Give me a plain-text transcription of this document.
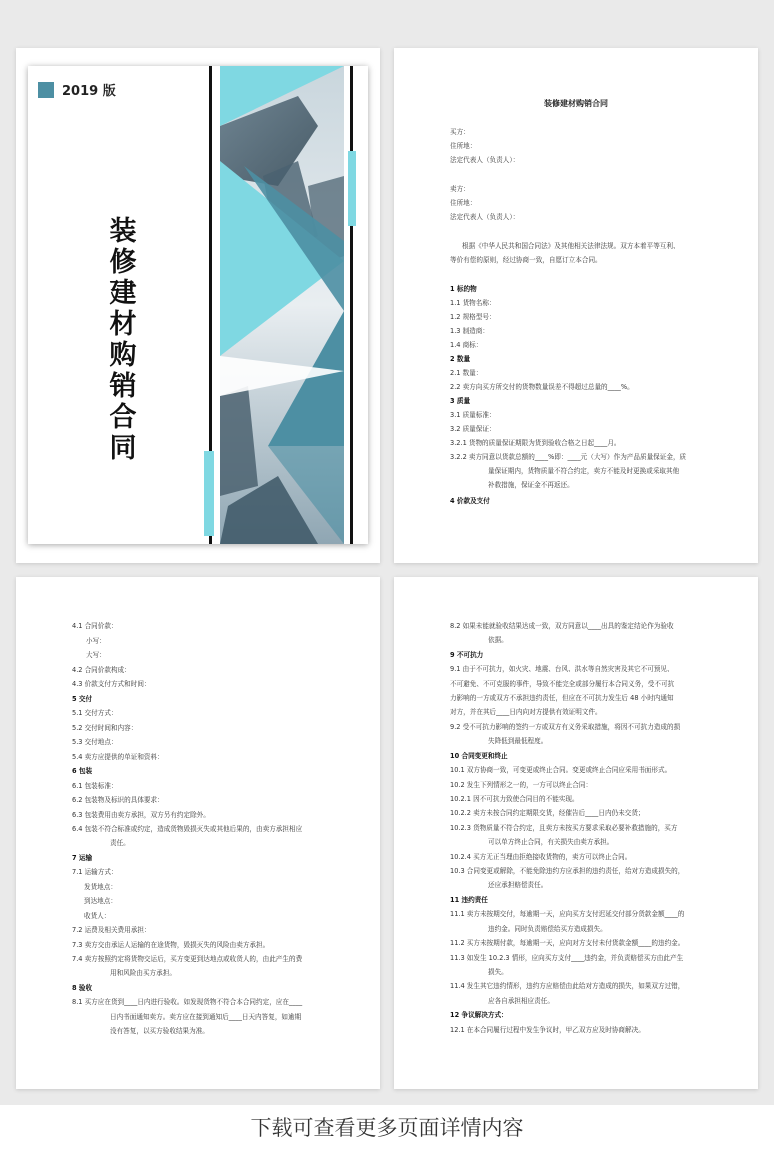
2019 版
装修建材购销合同
装修建材购销合同
买方：
住所地：
法定代表人（负责人）：
卖方：
住所地：
法定代表人（负责人）：
根据《中华人民共和国合同法》及其他相关法律法规。双方本着平等互利、
等价有偿的原则，经过协商一致，自愿订立本合同。
1 标的物
1.1 货物名称：
1.2 规格型号：
1.3 制造商：
1.4 商标：
2 数量
2.1 数量：
2.2 卖方向买方所交付的货物数量误差不得超过总量的____%。
3 质量
3.1 质量标准：
3.2 质量保证：
3.2.1 货物的质量保证期限为货到验收合格之日起____月。
3.2.2 卖方同意以货款总额的____%即：____元（大写）作为产品质量保证金，质
量保证期内，货物质量不符合约定，卖方不能及时更换或采取其他
补救措施，保证金不再返还。
4 价款及支付
4.1 合同价款：
小写：
大写：
4.2 合同价款构成：
4.3 价款支付方式和时间：
5 交付
5.1 交付方式：
5.2 交付时间和内容：
5.3 交付地点：
5.4 卖方应提供的单证和资料：
6 包装
6.1 包装标准：
6.2 包装物及标识的具体要求：
6.3 包装费用由卖方承担，双方另有约定除外。
6.4 包装不符合标准或约定，造成货物毁损灭失或其他后果的，由卖方承担相应
责任。
7 运输
7.1 运输方式：
发货地点：
到达地点：
收货人：
7.2 运费及相关费用承担：
7.3 卖方交由承运人运输的在途货物，毁损灭失的风险由卖方承担。
7.4 卖方按照约定将货物交运后，买方变更到达地点或收货人的，由此产生的费
用和风险由买方承担。
8 验收
8.1 买方应在货到____日内进行验收。如发现货物不符合本合同约定，应在____
日内书面通知卖方。卖方应在接到通知后____日天内答复，如逾期
没有答复，以买方验收结果为准。
8.2 如果未能就验收结果达成一致，双方同意以____出具的鉴定结论作为验收
依据。
9 不可抗力
9.1 由于不可抗力，如火灾、地震、台风、洪水等自然灾害及其它不可预见、
不可避免、不可克服的事件，导致不能完全或部分履行本合同义务，受不可抗
力影响的一方或双方不承担违约责任，但应在不可抗力发生后 48 小时内通知
对方，并在其后____日内向对方提供有效证明文件。
9.2 受不可抗力影响的签约一方或双方有义务采取措施，将因不可抗力造成的损
失降低到最低程度。
10 合同变更和终止
10.1 双方协商一致，可变更或终止合同。变更或终止合同应采用书面形式。
10.2 发生下列情形之一的，一方可以终止合同：
10.2.1 因不可抗力致使合同目的不能实现。
10.2.2 卖方未按合同约定期限交货，经催告后____日内仍未交货；
10.2.3 货物质量不符合约定，且卖方未按买方要求采取必要补救措施的，买方
可以单方终止合同，有关损失由卖方承担。
10.2.4 买方无正当理由拒绝接收货物的，卖方可以终止合同。
10.3 合同变更或解除，不能免除违约方应承担的违约责任，给对方造成损失的，
还应承担赔偿责任。
11 违约责任
11.1 卖方未按期交付，每逾期一天，应向买方支付迟延交付部分货款金额____的
违约金。同时负责赔偿给买方造成损失。
11.2 买方未按期付款，每逾期一天，应向对方支付未付货款金额____的违约金。
11.3 如发生 10.2.3 情形，应向买方支付____违约金，并负责赔偿买方由此产生
损失。
11.4 发生其它违约情形，违约方应赔偿由此给对方造成的损失，如果双方过错，
应各自承担相应责任。
12 争议解决方式：
12.1 在本合同履行过程中发生争议时，甲乙双方应及时协商解决。
下载可查看更多页面详情内容
